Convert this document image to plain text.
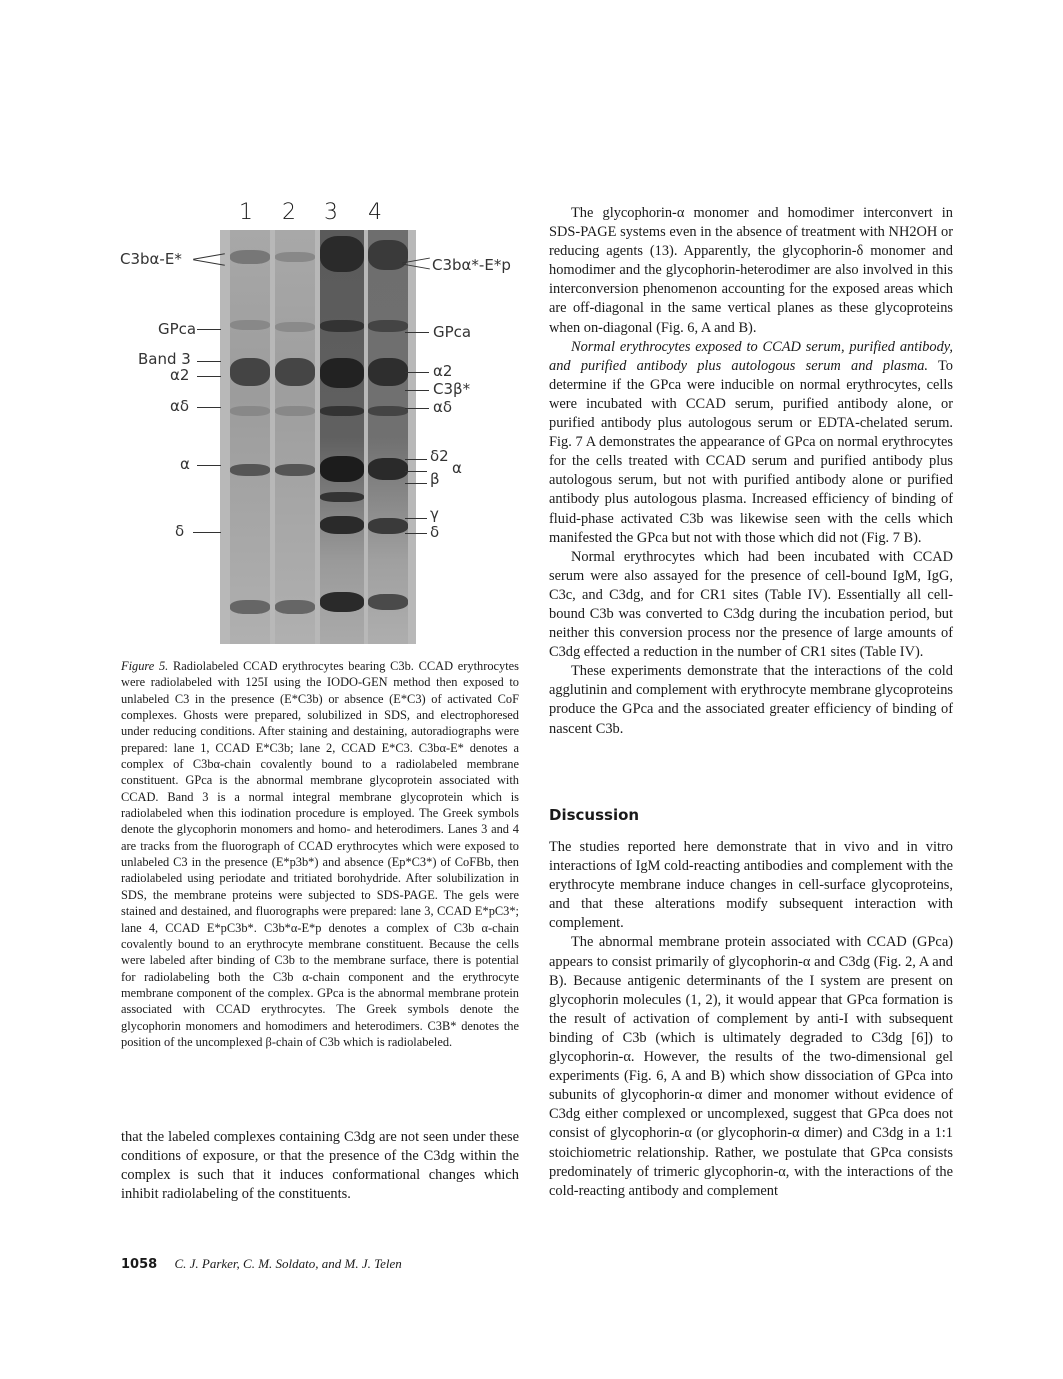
1 2 3 4
C3bα-E*
GPca
Band 3
α2
αδ
α
δ
C3bα*-E*p
GPca
α2
C3β*
αδ
δ2
α
β
γ
δ

Figure 5. Radiolabeled CCAD erythrocytes bearing C3b. CCAD erythrocytes were radiolabeled with 125I using the IODO-GEN method then exposed to unlabeled C3 in the presence (E*C3b) or absence (E*C3) of activated CoF complexes. Ghosts were prepared, solubilized in SDS, and electrophoresed under reducing conditions. After staining and destaining, autoradiographs were prepared: lane 1, CCAD E*C3b; lane 2, CCAD E*C3. C3bα-E* denotes a complex of C3bα-chain covalently bound to a radiolabeled membrane constituent. GPca is the abnormal membrane glycoprotein associated with CCAD. Band 3 is a normal integral membrane glycoprotein which is radiolabeled when this iodination procedure is employed. The Greek symbols denote the glycophorin monomers and homo- and heterodimers. Lanes 3 and 4 are tracks from the fluorograph of CCAD erythrocytes which were exposed to unlabeled C3 in the presence (E*p3b*) and absence (Ep*C3*) of CoFBb, then radiolabeled using periodate and tritiated borohydride. After solubilization in SDS, the membrane proteins were subjected to SDS-PAGE. The gels were stained and destained, and fluorographs were prepared: lane 3, CCAD E*pC3*; lane 4, CCAD E*pC3b*. C3b*α-E*p denotes a complex of C3b α-chain covalently bound to an erythrocyte membrane constituent. Because the cells were labeled after binding of C3b to the membrane surface, there is potential for radiolabeling both the C3b α-chain component and the erythrocyte membrane component of the complex. GPca is the abnormal membrane protein associated with CCAD erythrocytes. The Greek symbols denote the glycophorin monomers and homodimers and heterodimers. C3B* denotes the position of the uncomplexed β-chain of C3b which is radiolabeled.

that the labeled complexes containing C3dg are not seen under these conditions of exposure, or that the presence of the C3dg within the complex is such that it induces conformational changes which inhibit radiolabeling of the constituents.

The glycophorin-α monomer and homodimer interconvert in SDS-PAGE systems even in the absence of treatment with NH2OH or reducing agents (13). Apparently, the glycophorin-δ monomer and homodimer and the glycophorin-heterodimer are also involved in this interconversion phenomenon accounting for the exposed areas which are off-diagonal in the same vertical planes as these glycoproteins when on-diagonal (Fig. 6, A and B).

Normal erythrocytes exposed to CCAD serum, purified antibody, and purified antibody plus autologous serum and plasma. To determine if the GPca were inducible on normal erythrocytes, cells were incubated with CCAD serum, purified antibody alone, or purified antibody plus autologous serum or EDTA-chelated serum. Fig. 7 A demonstrates the appearance of GPca on normal erythrocytes for the cells treated with CCAD serum and purified antibody plus autologous serum, but not with purified antibody alone or purified antibody plus autologous plasma. Increased efficiency of binding of fluid-phase activated C3b was likewise seen with the cells which manifested the GPca but not with those which did not (Fig. 7 B).

Normal erythrocytes which had been incubated with CCAD serum were also assayed for the presence of cell-bound IgM, IgG, C3c, and C3dg, and for CR1 sites (Table IV). Essentially all cell-bound C3b was converted to C3dg during the incubation period, but neither this conversion process nor the presence of large amounts of C3dg effected a reduction in the number of CR1 sites (Table IV).

These experiments demonstrate that the interactions of the cold agglutinin and complement with erythrocyte membrane glycoproteins produce the GPca and the associated greater efficiency of binding of nascent C3b.

Discussion

The studies reported here demonstrate that in vivo and in vitro interactions of IgM cold-reacting antibodies and complement with the erythrocyte membrane induce changes in cell-surface glycoproteins, and that these alterations modify subsequent interaction with complement.

The abnormal membrane protein associated with CCAD (GPca) appears to consist primarily of glycophorin-α and C3dg (Fig. 2, A and B). Because antigenic determinants of the I system are present on glycophorin molecules (1, 2), it would appear that GPca formation is the result of activation of complement by anti-I with subsequent binding of C3b (which is ultimately degraded to C3dg [6]) to glycophorin-α. However, the results of the two-dimensional gel experiments (Fig. 6, A and B) which show dissociation of GPca into subunits of glycophorin-α dimer and monomer without evidence of C3dg either complexed or uncomplexed, suggest that GPca does not consist of glycophorin-α (or glycophorin-α dimer) and C3dg in a 1:1 stoichiometric relationship. Rather, we postulate that GPca consists predominately of trimeric glycophorin-α, with the interactions of the cold-reacting antibody and complement

1058 C. J. Parker, C. M. Soldato, and M. J. Telen
